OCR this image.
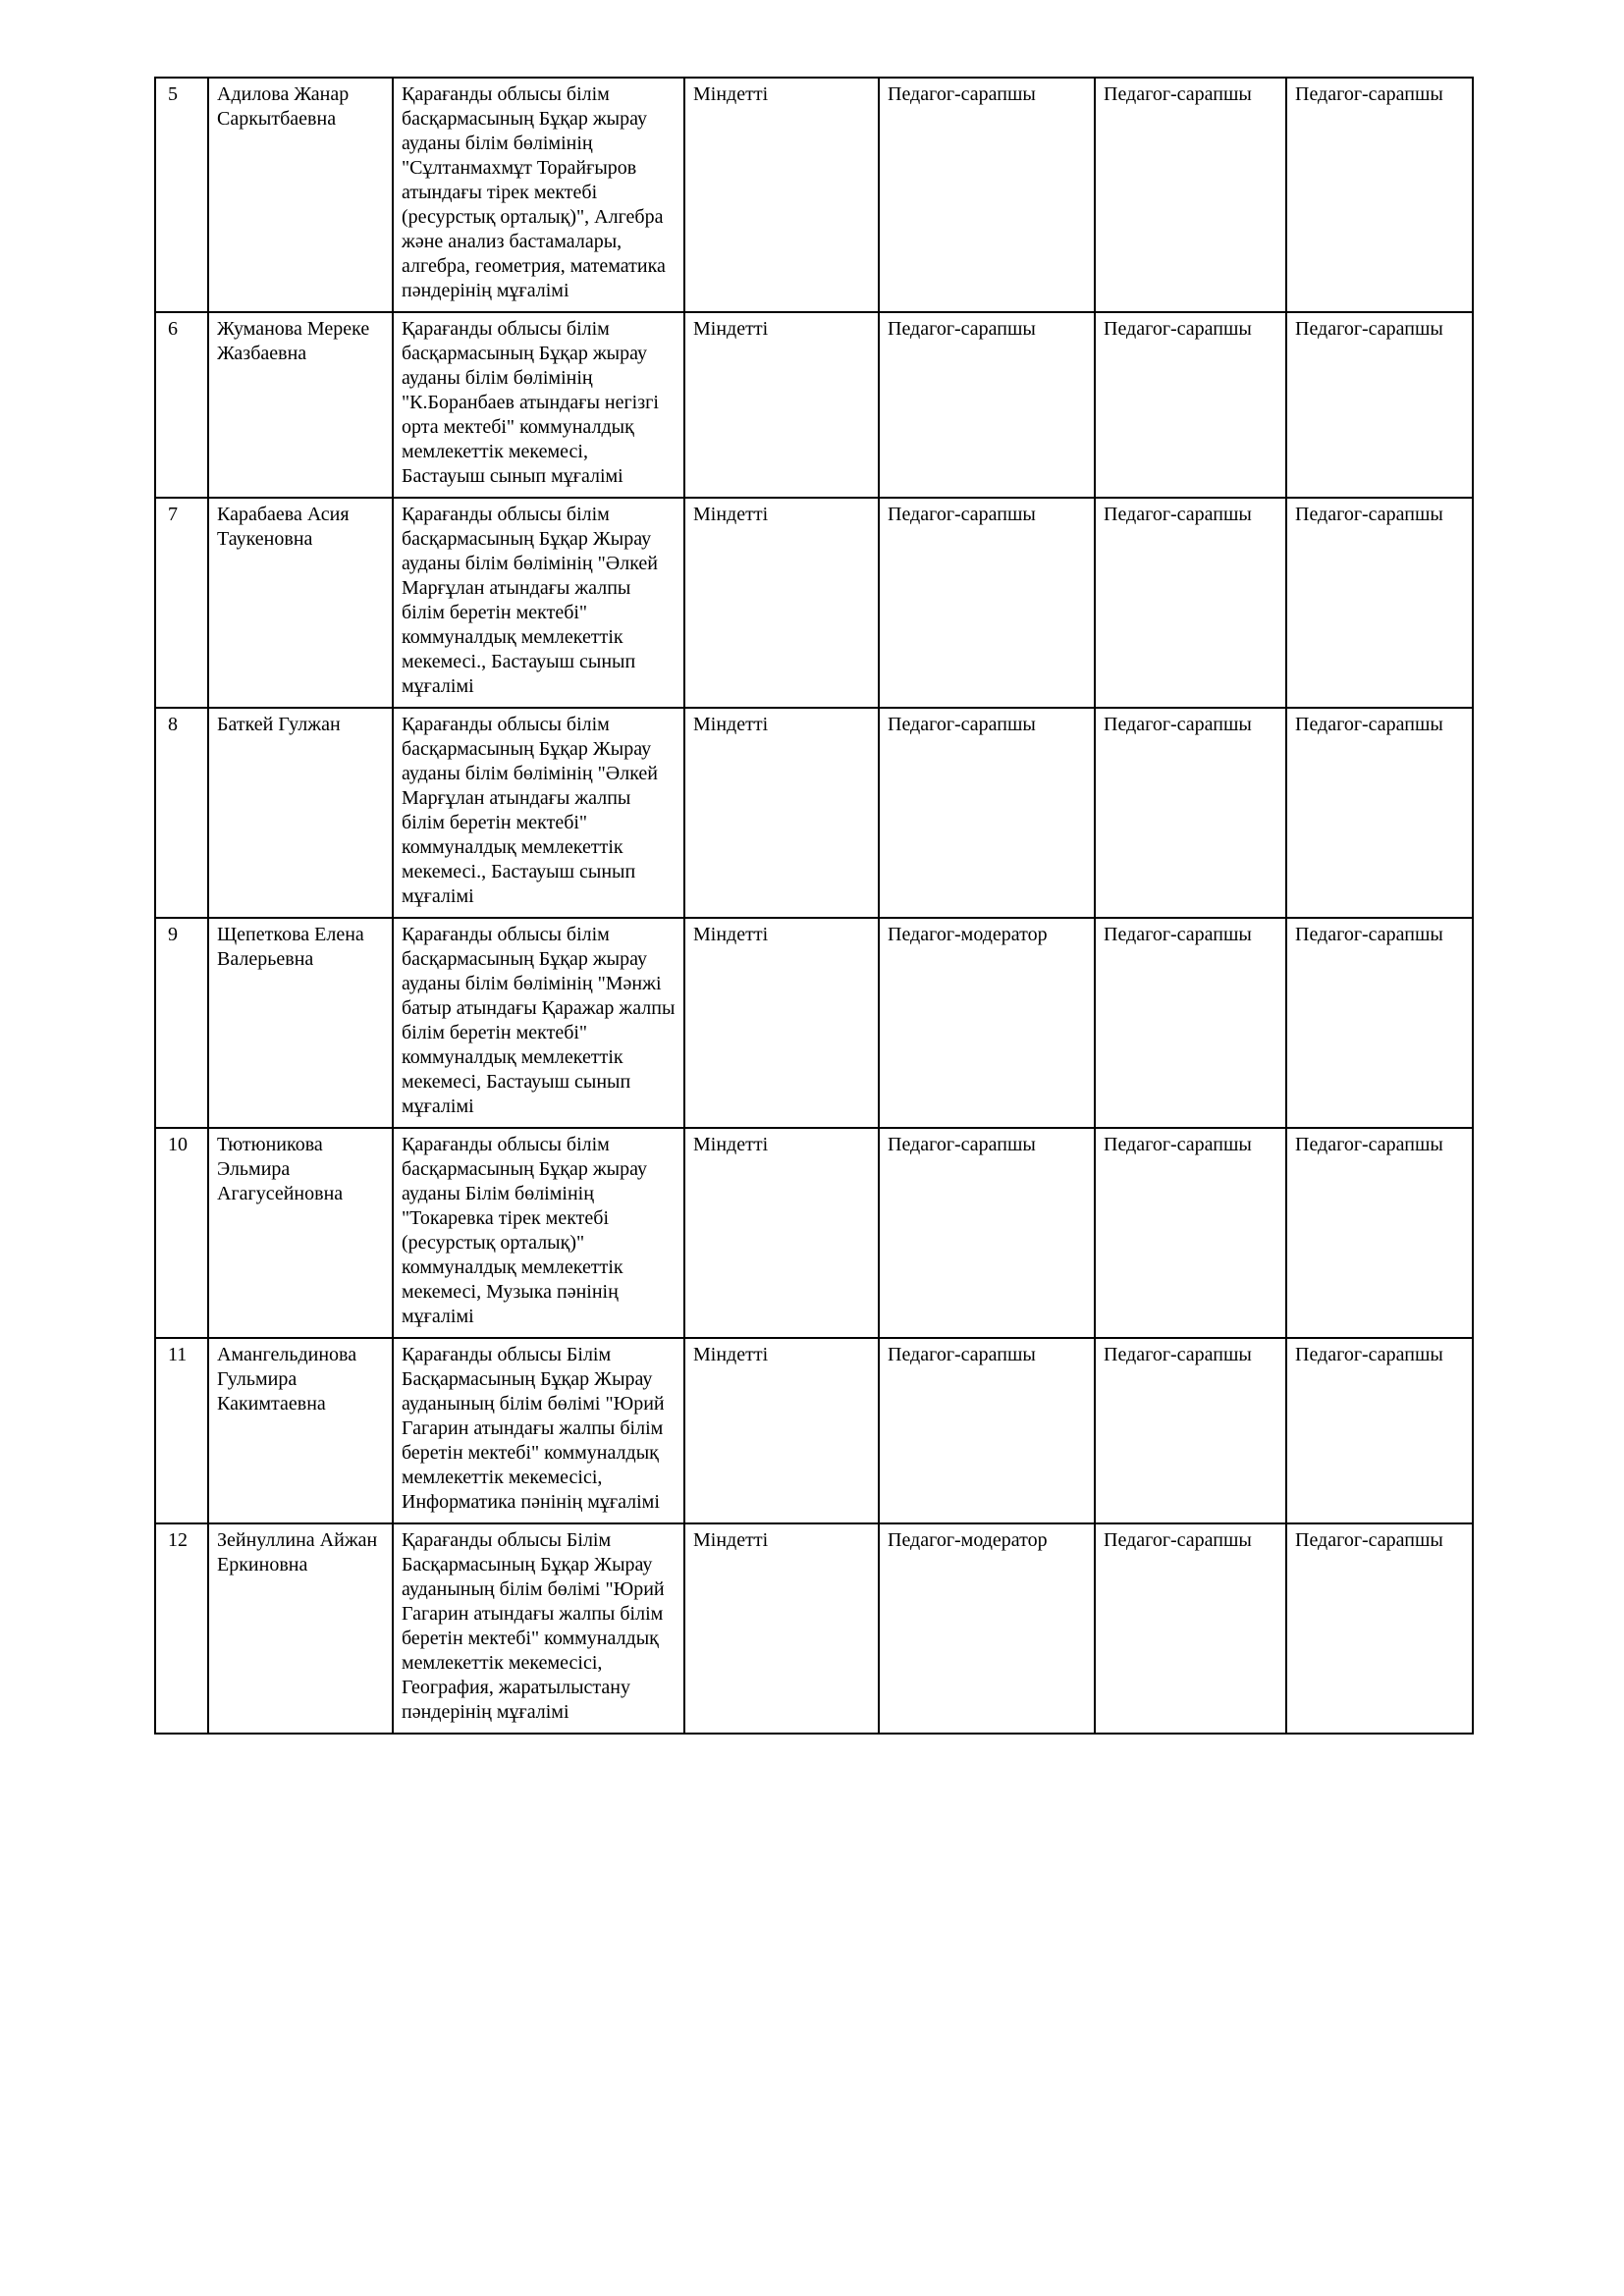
5	Адилова Жанар Саркытбаевна	Қарағанды облысы білім басқармасының Бұқар жырау ауданы білім бөлімінің "Сұлтанмахмұт Торайғыров атындағы тірек мектебі (ресурстық орталық)", Алгебра және анализ бастамалары, алгебра, геометрия, математика пәндерінің мұғалімі	Міндетті	Педагог-сарапшы	Педагог-сарапшы	Педагог-сарапшы
6	Жуманова Мереке Жазбаевна	Қарағанды облысы білім басқармасының Бұқар жырау ауданы білім бөлімінің "К.Боранбаев атындағы негізгі орта мектебі" коммуналдық мемлекеттік мекемесі, Бастауыш сынып мұғалімі	Міндетті	Педагог-сарапшы	Педагог-сарапшы	Педагог-сарапшы
7	Карабаева Асия Таукеновна	Қарағанды облысы білім басқармасының Бұқар Жырау ауданы білім бөлімінің "Әлкей Марғұлан атындағы жалпы білім беретін мектебі" коммуналдық мемлекеттік мекемесі., Бастауыш сынып мұғалімі	Міндетті	Педагог-сарапшы	Педагог-сарапшы	Педагог-сарапшы
8	Баткей Гулжан	Қарағанды облысы білім басқармасының Бұқар Жырау ауданы білім бөлімінің "Әлкей Марғұлан атындағы жалпы білім беретін мектебі" коммуналдық мемлекеттік мекемесі., Бастауыш сынып мұғалімі	Міндетті	Педагог-сарапшы	Педагог-сарапшы	Педагог-сарапшы
9	Щепеткова Елена Валерьевна	Қарағанды облысы білім басқармасының Бұқар жырау ауданы білім бөлімінің "Мәнжі батыр атындағы Қаражар жалпы білім беретін мектебі" коммуналдық мемлекеттік мекемесі, Бастауыш сынып мұғалімі	Міндетті	Педагог-модератор	Педагог-сарапшы	Педагог-сарапшы
10	Тютюникова Эльмира Агагусейновна	Қарағанды облысы білім басқармасының Бұқар жырау ауданы Білім бөлімінің "Токаревка тірек мектебі (ресурстық орталық)" коммуналдық мемлекеттік мекемесі, Музыка пәнінің мұғалімі	Міндетті	Педагог-сарапшы	Педагог-сарапшы	Педагог-сарапшы
11	Амангельдинова Гульмира Какимтаевна	Қарағанды облысы Білім Басқармасының Бұқар Жырау ауданының білім бөлімі "Юрий Гагарин атындағы жалпы білім беретін мектебі" коммуналдық мемлекеттік мекемесісі, Информатика пәнінің мұғалімі	Міндетті	Педагог-сарапшы	Педагог-сарапшы	Педагог-сарапшы
12	Зейнуллина Айжан Еркиновна	Қарағанды облысы Білім Басқармасының Бұқар Жырау ауданының білім бөлімі "Юрий Гагарин атындағы жалпы білім беретін мектебі" коммуналдық мемлекеттік мекемесісі, География, жаратылыстану пәндерінің мұғалімі	Міндетті	Педагог-модератор	Педагог-сарапшы	Педагог-сарапшы
